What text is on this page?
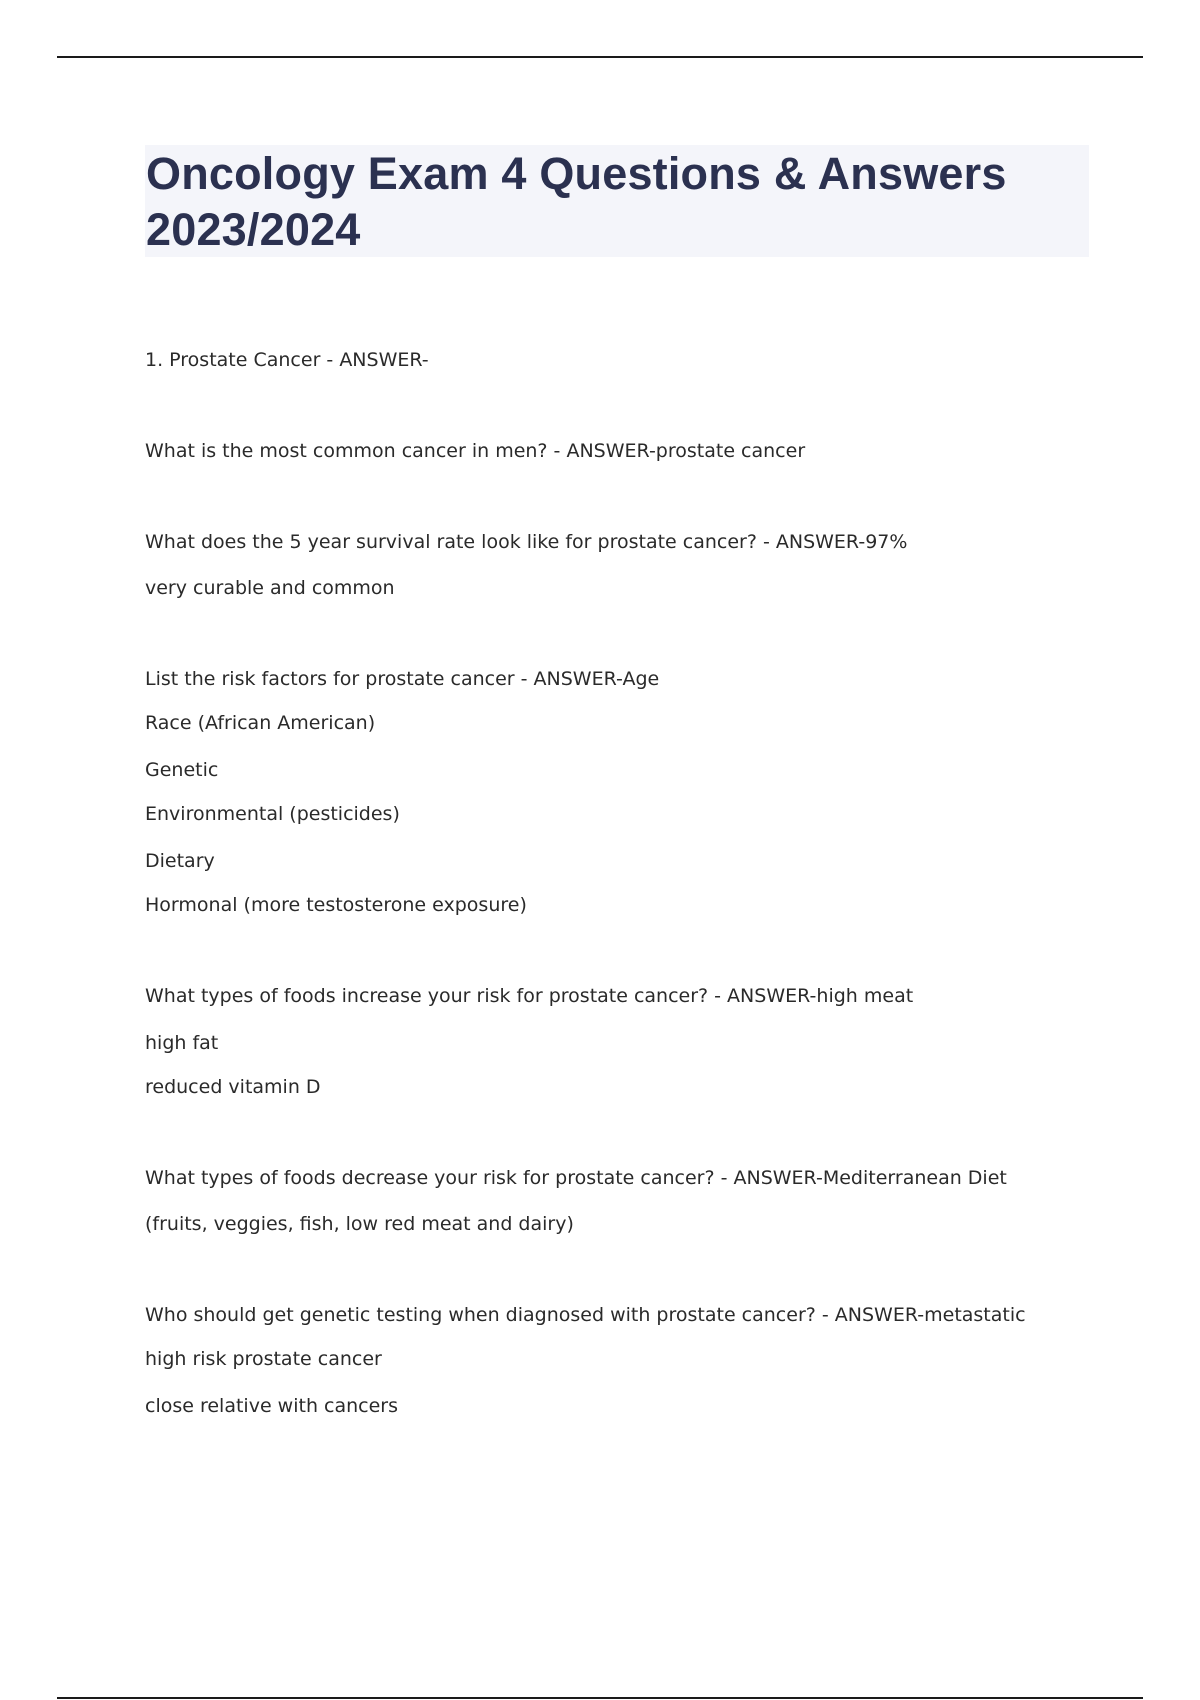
Oncology Exam 4 Questions & Answers
2023/2024
1. Prostate Cancer - ANSWER-
What is the most common cancer in men? - ANSWER-prostate cancer
What does the 5 year survival rate look like for prostate cancer? - ANSWER-97%
very curable and common
List the risk factors for prostate cancer - ANSWER-Age
Race (African American)
Genetic
Environmental (pesticides)
Dietary
Hormonal (more testosterone exposure)
What types of foods increase your risk for prostate cancer? - ANSWER-high meat
high fat
reduced vitamin D
What types of foods decrease your risk for prostate cancer? - ANSWER-Mediterranean Diet
(fruits, veggies, fish, low red meat and dairy)
Who should get genetic testing when diagnosed with prostate cancer? - ANSWER-metastatic
high risk prostate cancer
close relative with cancers
